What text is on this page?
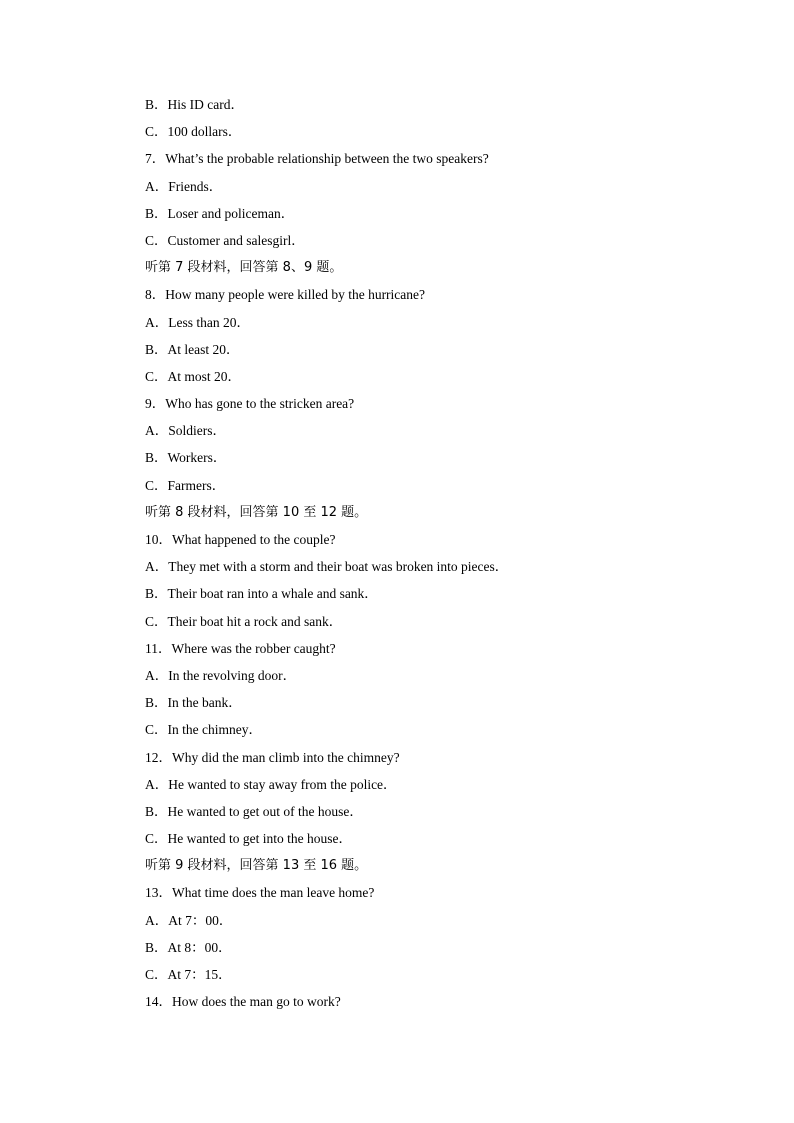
B．His ID card．
C．100 dollars．
7．What’s the probable relationship between the two speakers?
A．Friends．
B．Loser and policeman．
C．Customer and salesgirl．
听第 7 段材料，回答第 8、9 题。
8．How many people were killed by the hurricane?
A．Less than 20．
B．At least 20．
C．At most 20．
9．Who has gone to the stricken area?
A．Soldiers．
B．Workers．
C．Farmers．
听第 8 段材料，回答第 10 至 12 题。
10．What happened to the couple?
A．They met with a storm and their boat was broken into pieces．
B．Their boat ran into a whale and sank．
C．Their boat hit a rock and sank．
11．Where was the robber caught?
A．In the revolving door．
B．In the bank．
C．In the chimney．
12．Why did the man climb into the chimney?
A．He wanted to stay away from the police．
B．He wanted to get out of the house．
C．He wanted to get into the house．
听第 9 段材料，回答第 13 至 16 题。
13．What time does the man leave home?
A．At 7：00．
B．At 8：00．
C．At 7：15．
14．How does the man go to work?
